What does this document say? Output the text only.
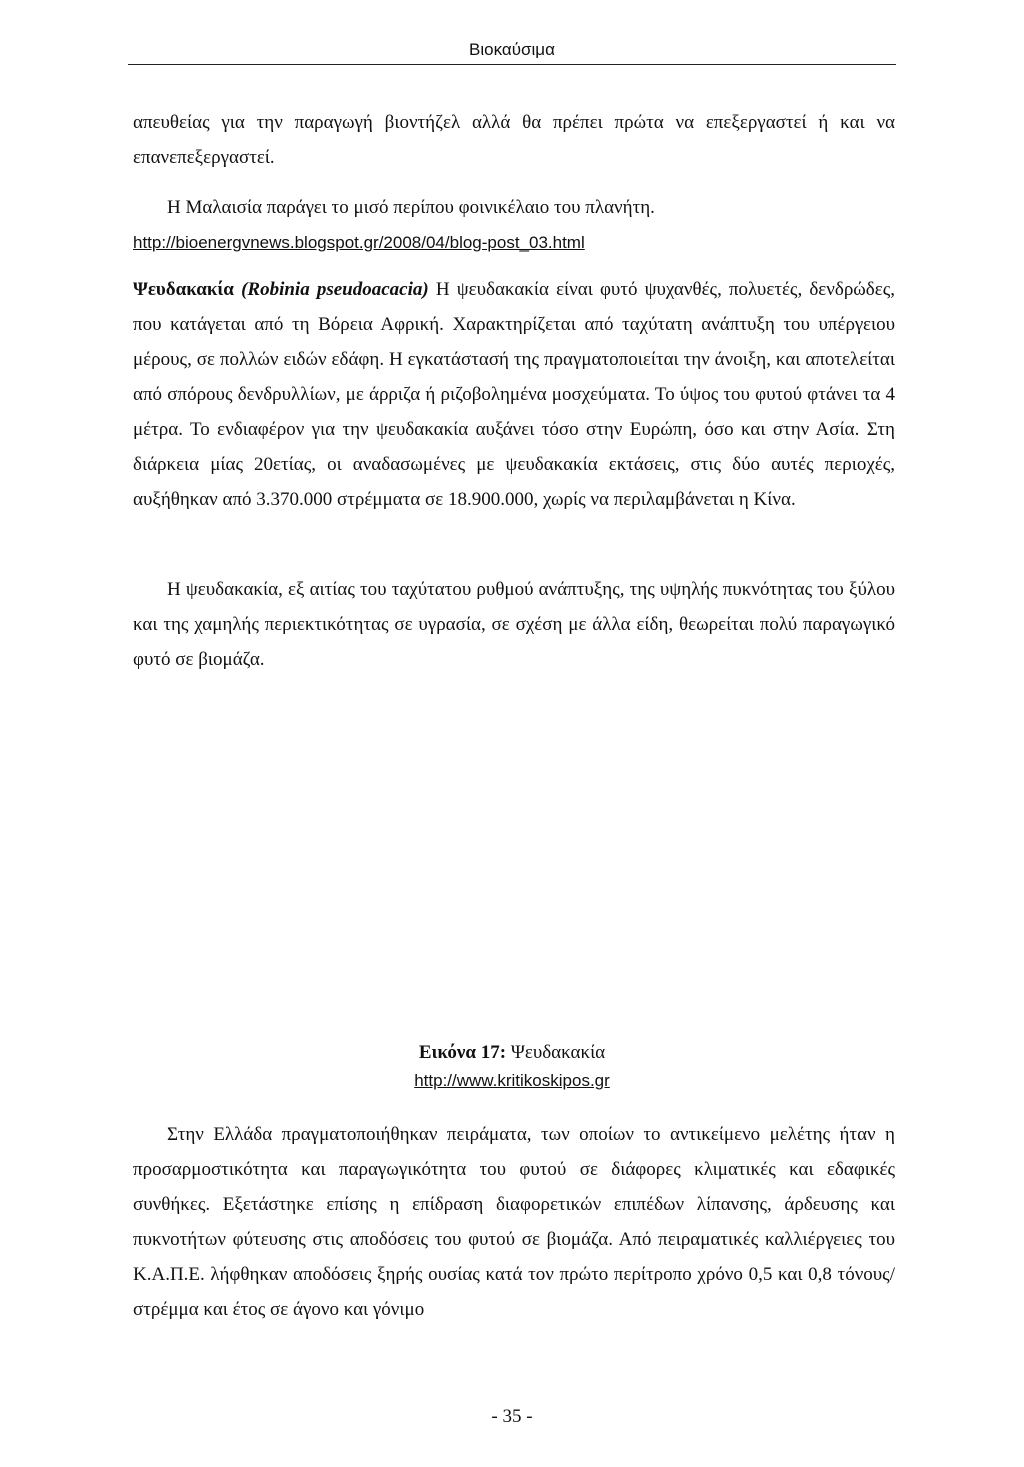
Βιοκαύσιμα

απευθείας για την παραγωγή βιοντήζελ αλλά θα πρέπει πρώτα να επεξεργαστεί ή και να επανεπεξεργαστεί.

Η Μαλαισία παράγει το μισό περίπου φοινικέλαιο του πλανήτη.
http://bioenergvnews.blogspot.gr/2008/04/blog-post_03.html

Ψευδακακία (Robinia pseudoacacia) Η ψευδακακία είναι φυτό ψυχανθές, πολυετές, δενδρώδες, που κατάγεται από τη Βόρεια Αφρική. Χαρακτηρίζεται από ταχύτατη ανάπτυξη του υπέργειου μέρους, σε πολλών ειδών εδάφη. Η εγκατάστασή της πραγματοποιείται την άνοιξη, και αποτελείται από σπόρους δενδρυλλίων, με άρριζα ή ριζοβολημένα μοσχεύματα. Το ύψος του φυτού φτάνει τα 4 μέτρα. Το ενδιαφέρον για την ψευδακακία αυξάνει τόσο στην Ευρώπη, όσο και στην Ασία. Στη διάρκεια μίας 20ετίας, οι αναδασωμένες με ψευδακακία εκτάσεις, στις δύο αυτές περιοχές, αυξήθηκαν από 3.370.000 στρέμματα σε 18.900.000, χωρίς να περιλαμβάνεται η Κίνα.

Η ψευδακακία, εξ αιτίας του ταχύτατου ρυθμού ανάπτυξης, της υψηλής πυκνότητας του ξύλου και της χαμηλής περιεκτικότητας σε υγρασία, σε σχέση με άλλα είδη, θεωρείται πολύ παραγωγικό φυτό σε βιομάζα.

Εικόνα 17: Ψευδακακία
http://www.kritikoskipos.gr

Στην Ελλάδα πραγματοποιήθηκαν πειράματα, των οποίων το αντικείμενο μελέτης ήταν η προσαρμοστικότητα και παραγωγικότητα του φυτού σε διάφορες κλιματικές και εδαφικές συνθήκες. Εξετάστηκε επίσης η επίδραση διαφορετικών επιπέδων λίπανσης, άρδευσης και πυκνοτήτων φύτευσης στις αποδόσεις του φυτού σε βιομάζα. Από πειραματικές καλλιέργειες του Κ.Α.Π.Ε. λήφθηκαν αποδόσεις ξηρής ουσίας κατά τον πρώτο περίτροπο χρόνο 0,5 και 0,8 τόνους/ στρέμμα και έτος σε άγονο και γόνιμο

- 35 -
